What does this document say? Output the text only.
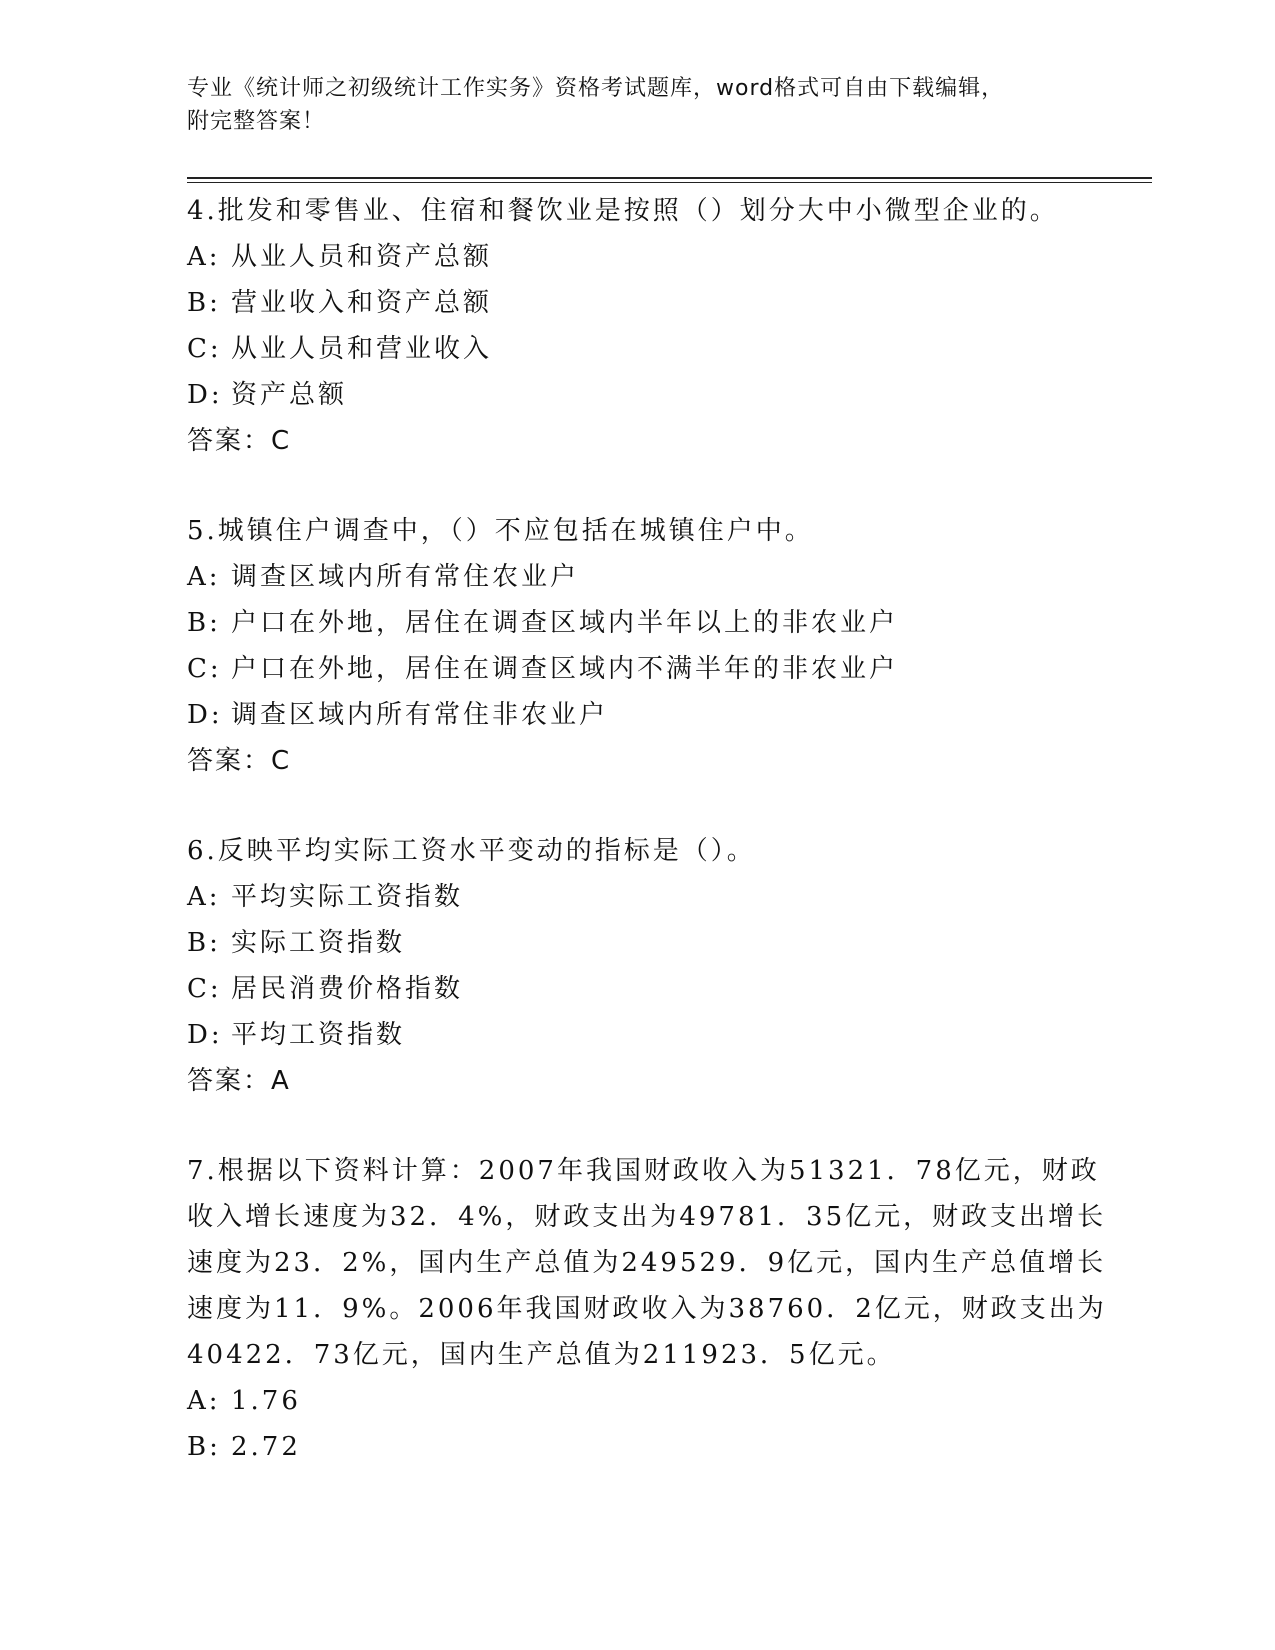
专业《统计师之初级统计工作实务》资格考试题库，word格式可自由下载编辑，
附完整答案！
4.批发和零售业、住宿和餐饮业是按照（）划分大中小微型企业的。
A: 从业人员和资产总额
B: 营业收入和资产总额
C: 从业人员和营业收入
D: 资产总额
答案：C
5.城镇住户调查中，（）不应包括在城镇住户中。
A: 调查区域内所有常住农业户
B: 户口在外地，居住在调查区域内半年以上的非农业户
C: 户口在外地，居住在调查区域内不满半年的非农业户
D: 调查区域内所有常住非农业户
答案：C
6.反映平均实际工资水平变动的指标是（）。
A: 平均实际工资指数
B: 实际工资指数
C: 居民消费价格指数
D: 平均工资指数
答案：A
7.根据以下资料计算：2007年我国财政收入为51321．78亿元，财政
收入增长速度为32．4%，财政支出为49781．35亿元，财政支出增长
速度为23．2%，国内生产总值为249529．9亿元，国内生产总值增长
速度为11．9%。2006年我国财政收入为38760．2亿元，财政支出为
40422．73亿元，国内生产总值为211923．5亿元。
A: 1.76
B: 2.72
